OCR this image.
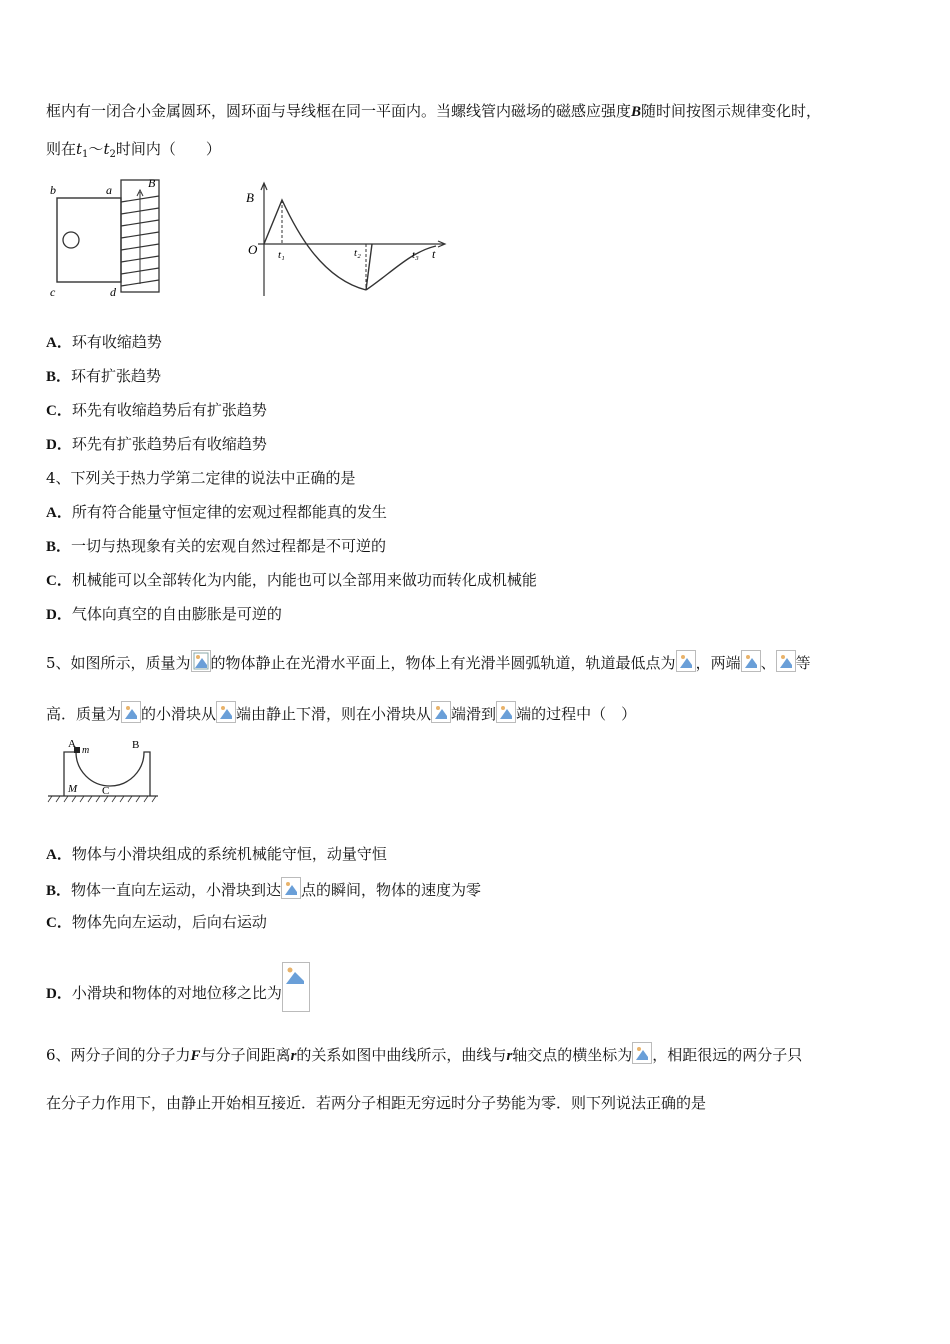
框内有一闭合小金属圆环，圆环面与导线框在同一平面内。当螺线管内磁场的磁感应强度B随时间按图示规律变化时，
则在$t_1\sim t_2$时间内（　　）
b	a	B
c	d
B
O t₁	t₂	t₃ t
A．环有收缩趋势
B．环有扩张趋势
C．环先有收缩趋势后有扩张趋势
D．环先有扩张趋势后有收缩趋势
4、下列关于热力学第二定律的说法中正确的是
A．所有符合能量守恒定律的宏观过程都能真的发生
B．一切与热现象有关的宏观自然过程都是不可逆的
C．机械能可以全部转化为内能，内能也可以全部用来做功而转化成机械能
D．气体向真空的自由膨胀是可逆的
5、如图所示，质量为 的物体静止在光滑水平面上，物体上有光滑半圆弧轨道，轨道最低点为 ，两端 、 等
高．质量为 的小滑块从 端由静止下滑，则在小滑块从 端滑到 端的过程中（　）
A
m	B
M C
A．物体与小滑块组成的系统机械能守恒，动量守恒
B．物体一直向左运动，小滑块到达 点的瞬间，物体的速度为零
C．物体先向左运动，后向右运动
D．小滑块和物体的对地位移之比为
6、两分子间的分子力F与分子间距离r的关系如图中曲线所示，曲线与r轴交点的横坐标为 ，相距很远的两分子只
在分子力作用下，由静止开始相互接近．若两分子相距无穷远时分子势能为零．则下列说法正确的是
